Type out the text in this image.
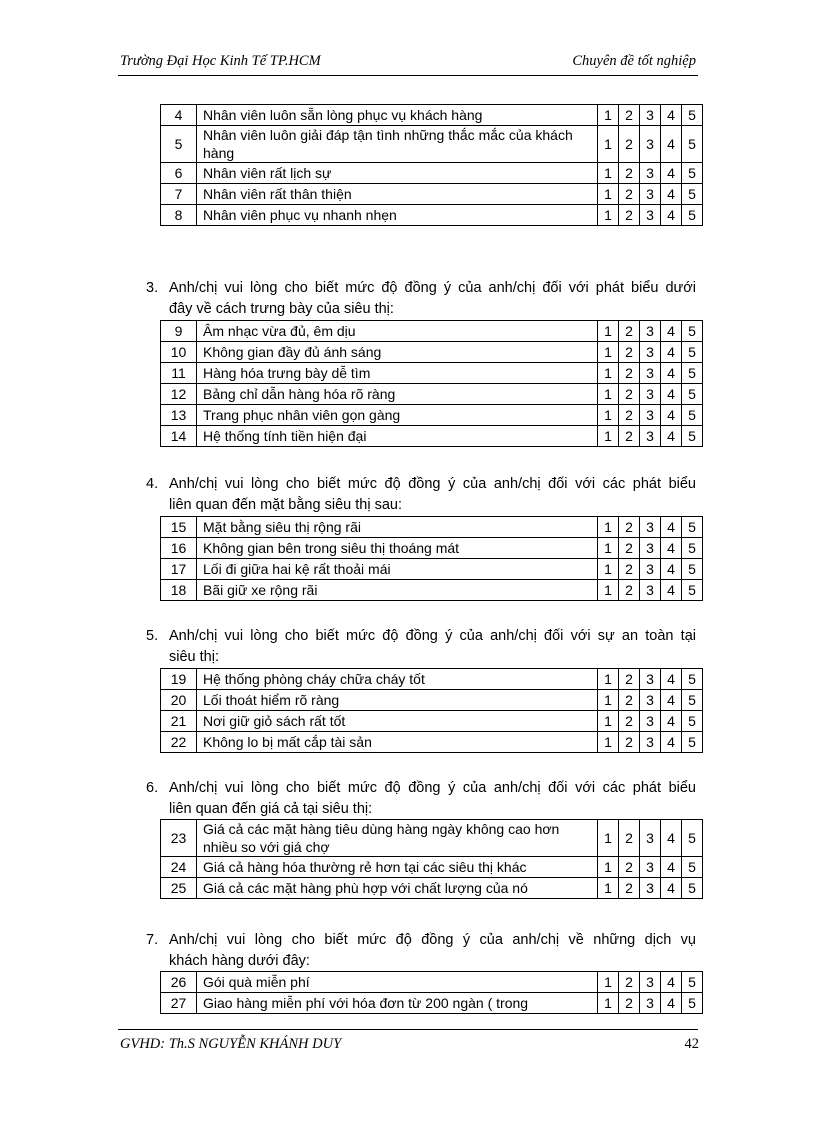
Trường Đại Học Kinh Tế TP.HCM	Chuyên đề tốt nghiệp
4	Nhân viên luôn sẵn lòng phục vụ khách hàng	1	2	3	4	5
5	Nhân viên luôn giải đáp tận tình những thắc mắc của khách hàng	1	2	3	4	5
6	Nhân viên rất lịch sự	1	2	3	4	5
7	Nhân viên rất thân thiện	1	2	3	4	5
8	Nhân viên phục vụ nhanh nhẹn	1	2	3	4	5
3. Anh/chị vui lòng cho biết mức độ đồng ý của anh/chị đối với phát biểu dưới
đây về cách trưng bày của siêu thị:
9	Âm nhạc vừa đủ, êm dịu	1	2	3	4	5
10	Không gian đầy đủ ánh sáng	1	2	3	4	5
11	Hàng hóa trưng bày dễ tìm	1	2	3	4	5
12	Bảng chỉ dẫn hàng hóa rõ ràng	1	2	3	4	5
13	Trang phục nhân viên gọn gàng	1	2	3	4	5
14	Hệ thống tính tiền hiện đại	1	2	3	4	5
4. Anh/chị vui lòng cho biết mức độ đồng ý của anh/chị đối với các phát biểu
liên quan đến mặt bằng siêu thị sau:
15	Mặt bằng siêu thị rộng rãi	1	2	3	4	5
16	Không gian bên trong siêu thị thoáng mát	1	2	3	4	5
17	Lối đi giữa hai kệ rất thoải mái	1	2	3	4	5
18	Bãi giữ xe rộng rãi	1	2	3	4	5
5. Anh/chị vui lòng cho biết mức độ đồng ý của anh/chị đối với sự an toàn tại
siêu thị:
19	Hệ thống phòng cháy chữa cháy tốt	1	2	3	4	5
20	Lối thoát hiểm rõ ràng	1	2	3	4	5
21	Nơi giữ giỏ sách rất tốt	1	2	3	4	5
22	Không lo bị mất cắp tài sản	1	2	3	4	5
6. Anh/chị vui lòng cho biết mức độ đồng ý của anh/chị đối với các phát biểu
liên quan đến giá cả tại siêu thị:
23	Giá cả các mặt hàng tiêu dùng hàng ngày không cao hơn nhiều so với giá chợ	1	2	3	4	5
24	Giá cả hàng hóa thường rẻ hơn tại các siêu thị khác	1	2	3	4	5
25	Giá cả các mặt hàng phù hợp với chất lượng của nó	1	2	3	4	5
7. Anh/chị vui lòng cho biết mức độ đồng ý của anh/chị về những dịch vụ
khách hàng dưới đây:
26	Gói quà miễn phí	1	2	3	4	5
27	Giao hàng miễn phí với hóa đơn từ 200 ngàn ( trong	1	2	3	4	5
GVHD: Th.S NGUYỄN KHÁNH DUY	42
